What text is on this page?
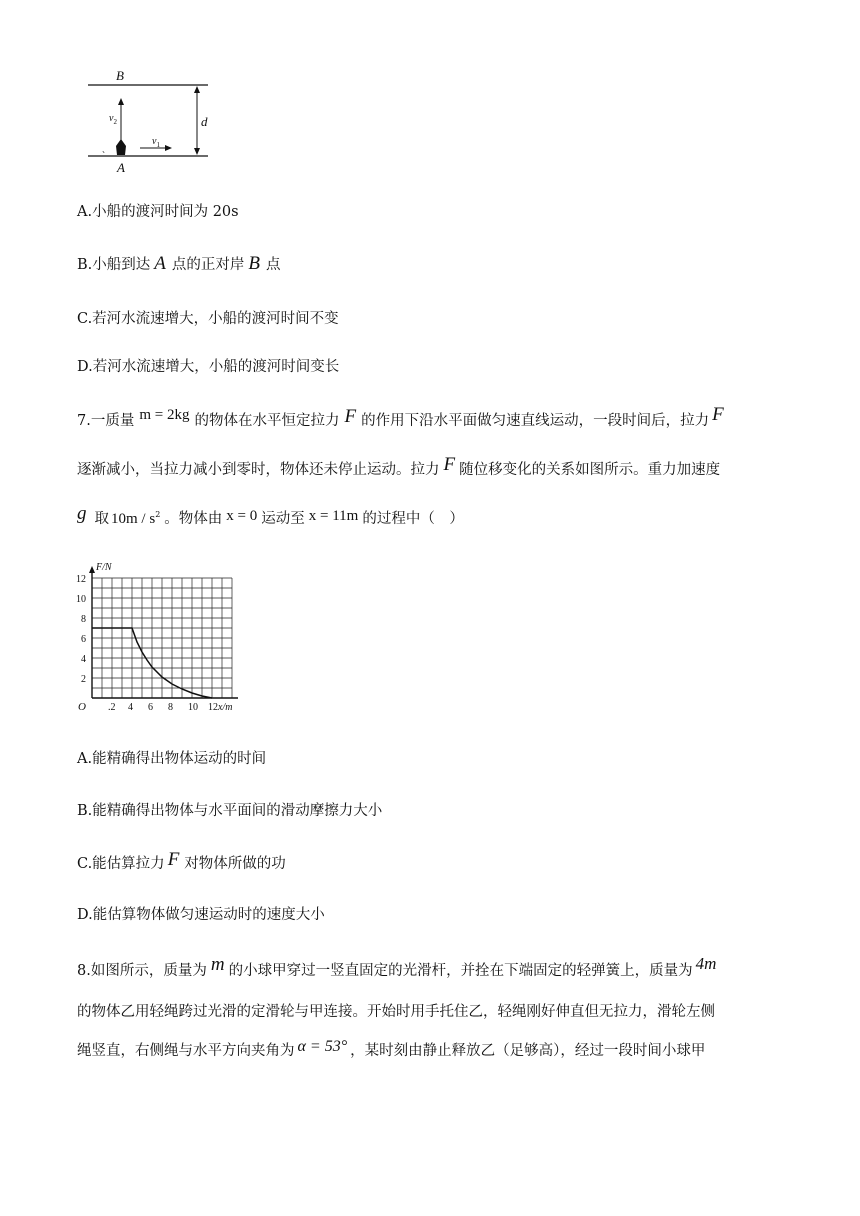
B
A
d
$v_2$
、
$v_1$
A.小船的渡河时间为 20s
B.小船到达 A 点的正对岸 B 点
C.若河水流速增大，小船的渡河时间不变
D.若河水流速增大，小船的渡河时间变长
7.一质量 m = 2kg 的物体在水平恒定拉力 F 的作用下沿水平面做匀速直线运动，一段时间后，拉力 F
逐渐减小，当拉力减小到零时，物体还未停止运动。拉力 F 随位移变化的关系如图所示。重力加速度
g 取 $10m / s^2$ 。物体由 x = 0 运动至 x = 11m 的过程中（　）
.2 4 6 8 10 12
2
4
6
8
10
12
F/N
x/m
O
A.能精确得出物体运动的时间
B.能精确得出物体与水平面间的滑动摩擦力大小
C.能估算拉力 F 对物体所做的功
D.能估算物体做匀速运动时的速度大小
8.如图所示，质量为 m 的小球甲穿过一竖直固定的光滑杆，并拴在下端固定的轻弹簧上，质量为 4m
的物体乙用轻绳跨过光滑的定滑轮与甲连接。开始时用手托住乙，轻绳刚好伸直但无拉力，滑轮左侧
绳竖直，右侧绳与水平方向夹角为 α = 53° ，某时刻由静止释放乙（足够高），经过一段时间小球甲
